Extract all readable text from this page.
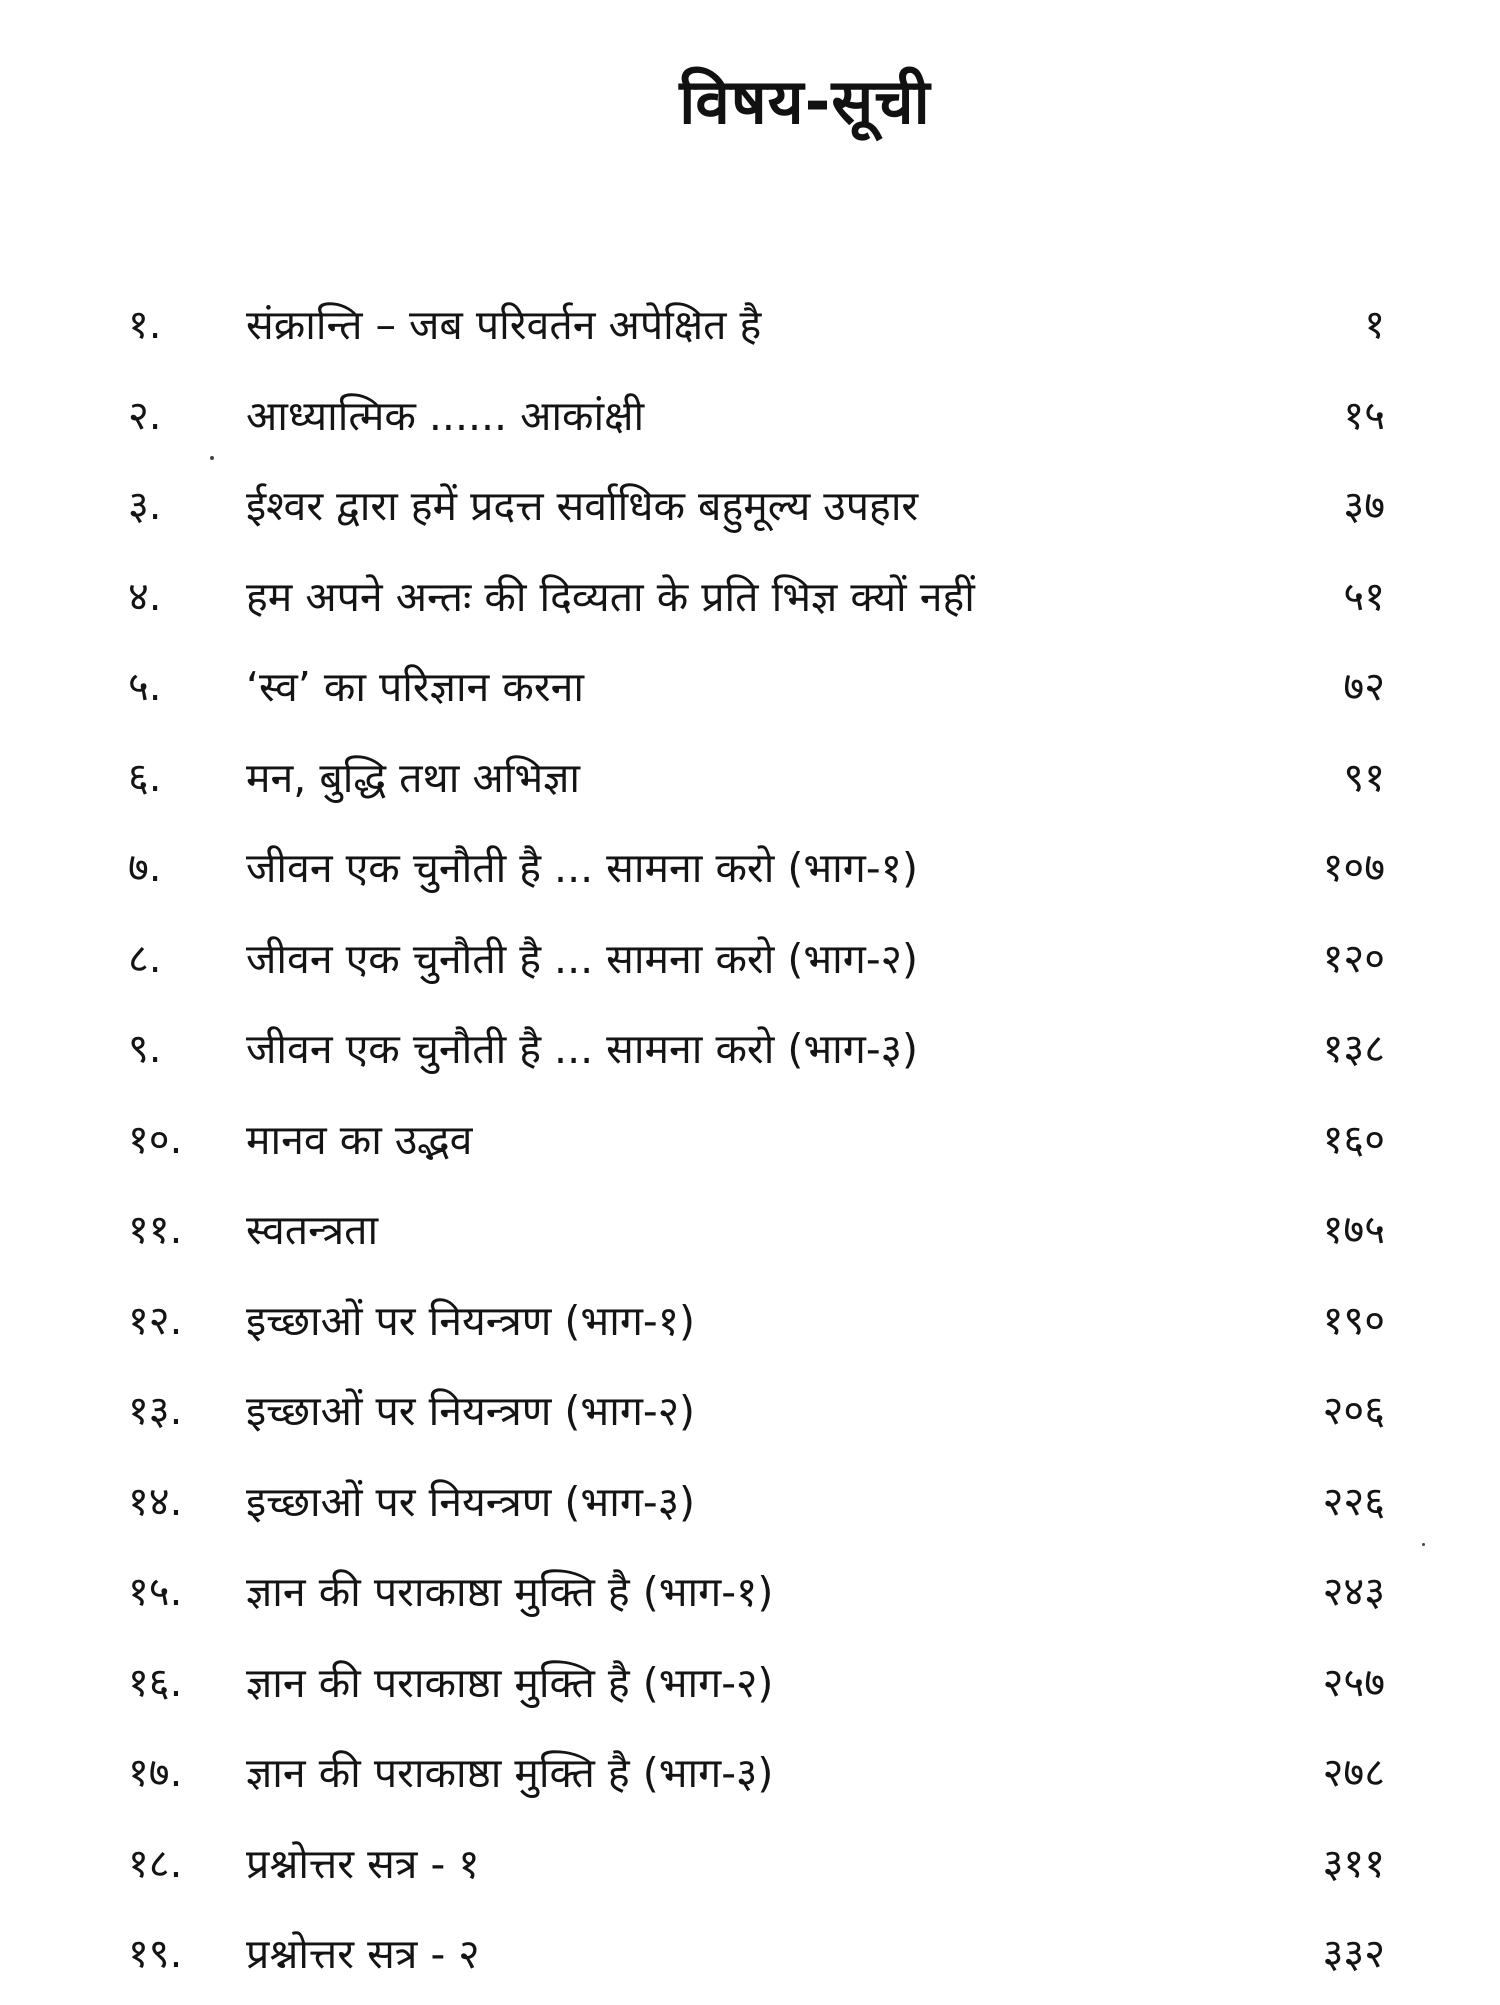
विषय-सूची
१. संक्रान्ति – जब परिवर्तन अपेक्षित है	१
२. आध्यात्मिक ...... आकांक्षी	१५
३. ईश्वर द्वारा हमें प्रदत्त सर्वाधिक बहुमूल्य उपहार	३७
४. हम अपने अन्तः की दिव्यता के प्रति भिज्ञ क्यों नहीं	५१
५. ‘स्व’ का परिज्ञान करना	७२
६. मन, बुद्धि तथा अभिज्ञा	९१
७. जीवन एक चुनौती है ... सामना करो (भाग-१)	१०७
८. जीवन एक चुनौती है ... सामना करो (भाग-२)	१२०
९. जीवन एक चुनौती है ... सामना करो (भाग-३)	१३८
१०. मानव का उद्भव	१६०
११. स्वतन्त्रता	१७५
१२. इच्छाओं पर नियन्त्रण (भाग-१)	१९०
१३. इच्छाओं पर नियन्त्रण (भाग-२)	२०६
१४. इच्छाओं पर नियन्त्रण (भाग-३)	२२६
१५. ज्ञान की पराकाष्ठा मुक्ति है (भाग-१)	२४३
१६. ज्ञान की पराकाष्ठा मुक्ति है (भाग-२)	२५७
१७. ज्ञान की पराकाष्ठा मुक्ति है (भाग-३)	२७८
१८. प्रश्नोत्तर सत्र - १	३११
१९. प्रश्नोत्तर सत्र - २	३३२
